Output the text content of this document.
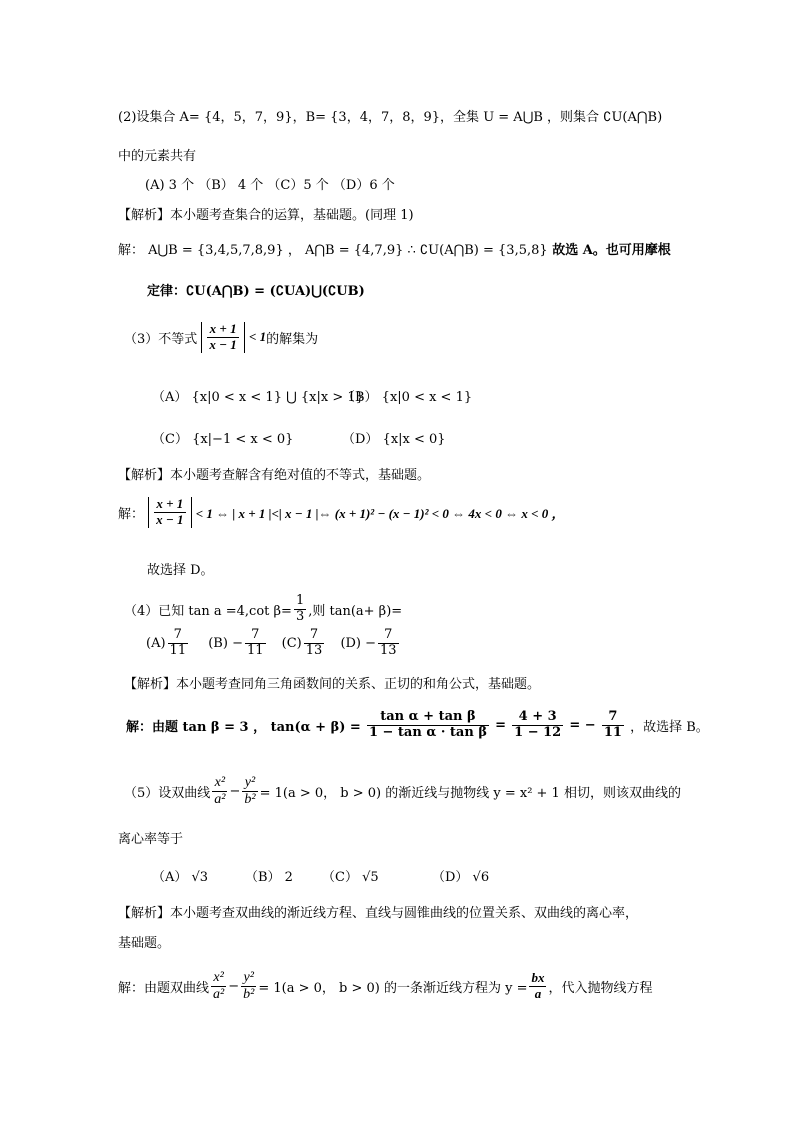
(2)设集合 A= {4，5，7，9}，B= {3，4，7，8，9}，全集 U = A⋃B ，则集合 ∁U(A⋂B)
中的元素共有
(A) 3 个 （B） 4 个 （C）5 个 （D）6 个
【解析】本小题考查集合的运算，基础题。(同理 1)
解： A⋃B = {3,4,5,7,8,9} ， A⋂B = {4,7,9} ∴ ∁U(A⋂B) = {3,5,8} 故选 A。也可用摩根
定律：∁U(A⋂B) = (∁UA)⋃(∁UB)
（3）不等式 $\frac{x + 1}{x - 1} < 1$的解集为
（A） {x|0 < x < 1} ⋃ {x|x > 1}
（B） {x|0 < x < 1}
（C） {x|−1 < x < 0}	（D） {x|x < 0}
【解析】本小题考查解含有绝对值的不等式，基础题。
解： $\frac{x + 1}{x - 1} < 1$ ⇔ | x + 1 |<| x − 1 |⇔ (x + 1)² − (x − 1)² < 0 ⇔ 4x < 0 ⇔ x < 0 ，
故选择 D。
（4）已知 tan a =4,cot $\beta= \frac{1}{3}$ ,则 tan(a+ β)=
$(A) \frac{7}{11} (B) - \frac{7}{11} (C) \frac{7}{13} (D) - \frac{7}{13}$
【解析】本小题考查同角三角函数间的关系、正切的和角公式，基础题。
解：由题 tan β = 3 ， $\tan(\alpha + \beta) = \frac{\text{tan α + tan β}}{\text{1 − tan α · tan β}} = \frac{4 + 3}{1 - 12}$ = − $\frac{7}{11}$ ，故选择 B。
（5）设双曲线 $\frac{\text{x²}}{\text{a²}} - \frac{\text{y²}}{\text{b²}} = 1(a > 0$， b > 0) 的渐近线与抛物线 y = x² + 1 相切，则该双曲线的
离心率等于
（A） √3	（B） 2 （C） √5	（D） √6
【解析】本小题考查双曲线的渐近线方程、直线与圆锥曲线的位置关系、双曲线的离心率，
基础题。
解：由题双曲线 $\frac{\text{x²}}{\text{a²}} - \frac{\text{y²}}{\text{b²}} = 1(a > 0$， b > 0) 的一条渐近线方程为 $y = \frac{bx}{a}$ ，代入抛物线方程
